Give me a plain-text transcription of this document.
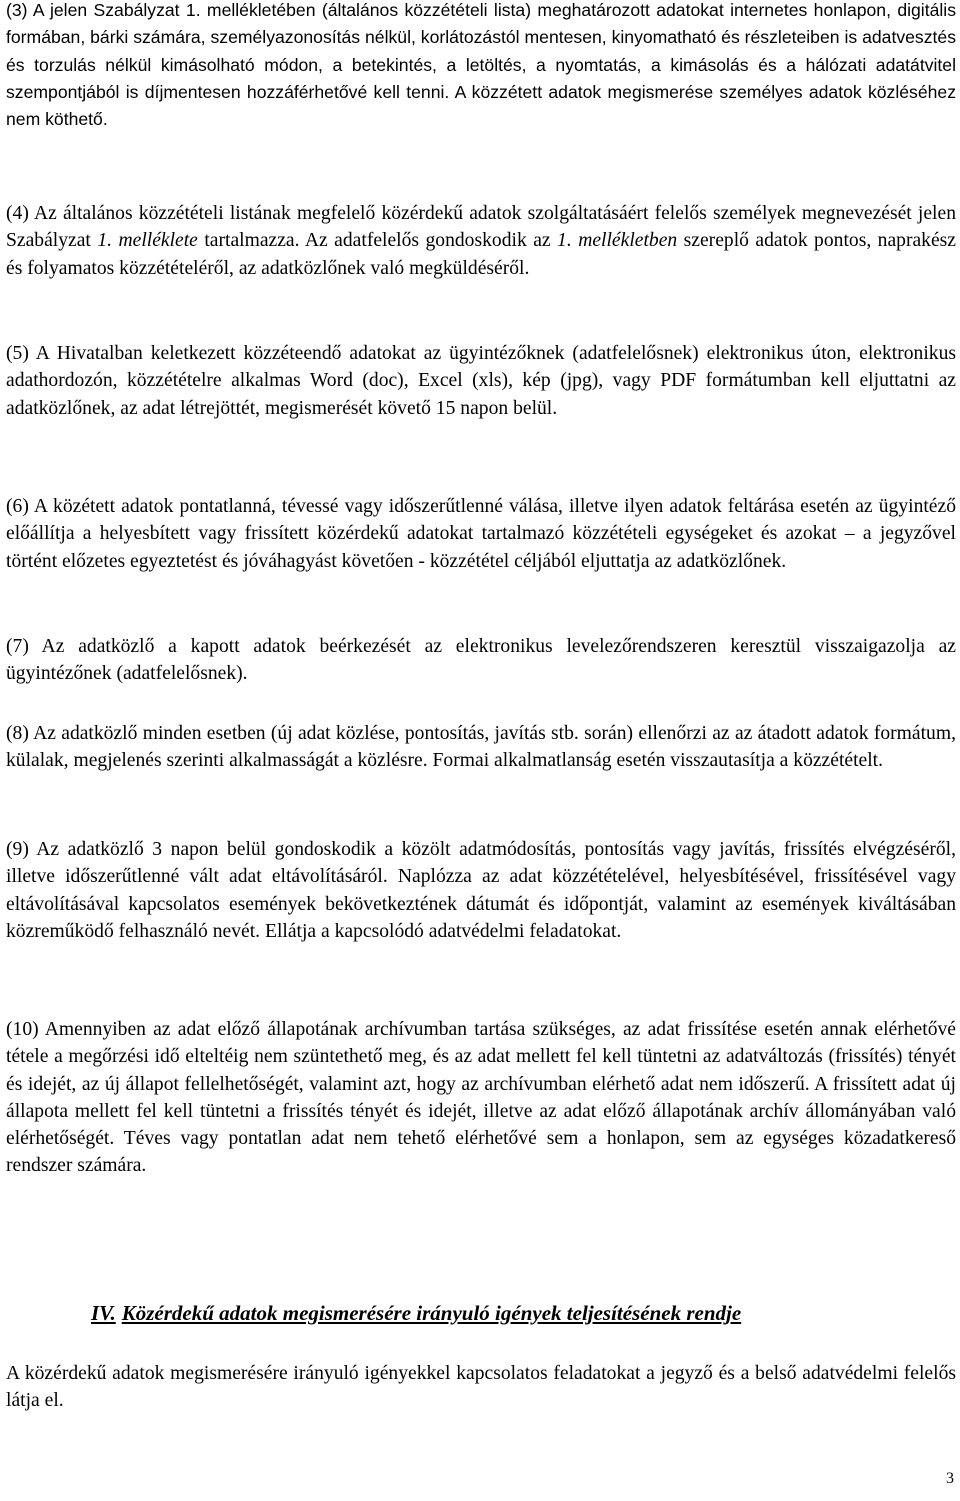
(3) A jelen Szabályzat 1. mellékletében (általános közzétételi lista) meghatározott adatokat internetes honlapon, digitális formában, bárki számára, személyazonosítás nélkül, korlátozástól mentesen, kinyomatható és részleteiben is adatvesztés és torzulás nélkül kimásolható módon, a betekintés, a letöltés, a nyomtatás, a kimásolás és a hálózati adatátvitel szempontjából is díjmentesen hozzáférhetővé kell tenni. A közzétett adatok megismerése személyes adatok közléséhez nem köthető.

(4) Az általános közzétételi listának megfelelő közérdekű adatok szolgáltatásáért felelős személyek megnevezését jelen Szabályzat 1. melléklete tartalmazza. Az adatfelelős gondoskodik az 1. mellékletben szereplő adatok pontos, naprakész és folyamatos közzétételéről, az adatközlőnek való megküldéséről.

(5) A Hivatalban keletkezett közzéteendő adatokat az ügyintézőknek (adatfelelősnek) elektronikus úton, elektronikus adathordozón, közzétételre alkalmas Word (doc), Excel (xls), kép (jpg), vagy PDF formátumban kell eljuttatni az adatközlőnek, az adat létrejöttét, megismerését követő 15 napon belül.

(6) A közétett adatok pontatlanná, tévessé vagy időszerűtlenné válása, illetve ilyen adatok feltárása esetén az ügyintéző előállítja a helyesbített vagy frissített közérdekű adatokat tartalmazó közzétételi egységeket és azokat – a jegyzővel történt előzetes egyeztetést és jóváhagyást követően - közzététel céljából eljuttatja az adatközlőnek.

(7) Az adatközlő a kapott adatok beérkezését az elektronikus levelezőrendszeren keresztül visszaigazolja az ügyintézőnek (adatfelelősnek).

(8) Az adatközlő minden esetben (új adat közlése, pontosítás, javítás stb. során) ellenőrzi az az átadott adatok formátum, külalak, megjelenés szerinti alkalmasságát a közlésre. Formai alkalmatlanság esetén visszautasítja a közzétételt.

(9) Az adatközlő 3 napon belül gondoskodik a közölt adatmódosítás, pontosítás vagy javítás, frissítés elvégzéséről, illetve időszerűtlenné vált adat eltávolításáról. Naplózza az adat közzétételével, helyesbítésével, frissítésével vagy eltávolításával kapcsolatos események bekövetkeztének dátumát és időpontját, valamint az események kiváltásában közreműködő felhasználó nevét. Ellátja a kapcsolódó adatvédelmi feladatokat.

(10) Amennyiben az adat előző állapotának archívumban tartása szükséges, az adat frissítése esetén annak elérhetővé tétele a megőrzési idő elteltéig nem szüntethető meg, és az adat mellett fel kell tüntetni az adatváltozás (frissítés) tényét és idejét, az új állapot fellelhetőségét, valamint azt, hogy az archívumban elérhető adat nem időszerű. A frissített adat új állapota mellett fel kell tüntetni a frissítés tényét és idejét, illetve az adat előző állapotának archív állományában való elérhetőségét. Téves vagy pontatlan adat nem tehető elérhetővé sem a honlapon, sem az egységes közadatkereső rendszer számára.

IV. Közérdekű adatok megismerésére irányuló igények teljesítésének rendje

A közérdekű adatok megismerésére irányuló igényekkel kapcsolatos feladatokat a jegyző és a belső adatvédelmi felelős látja el.

3
